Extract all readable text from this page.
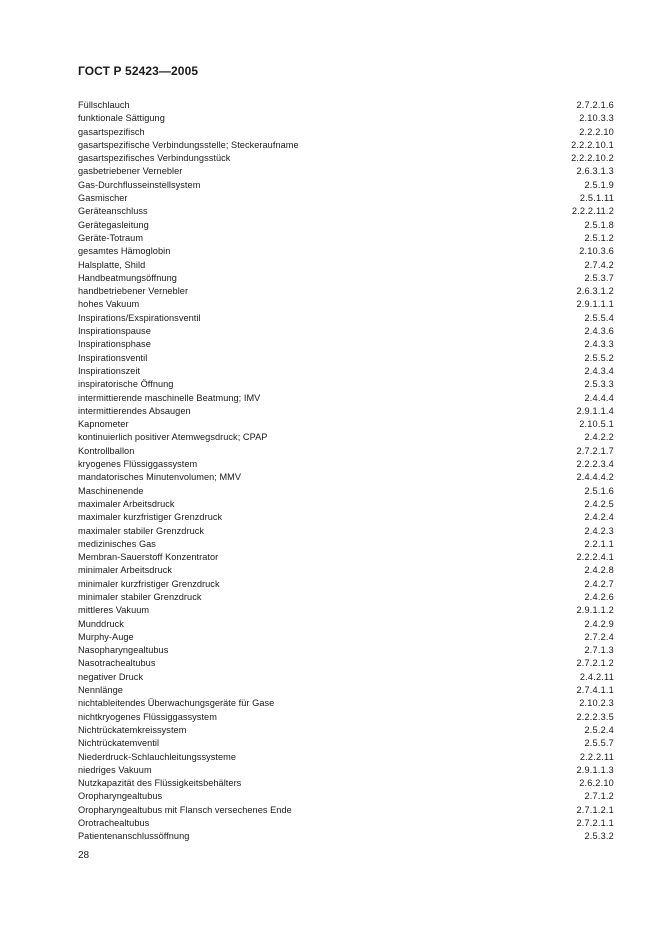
ГОСТ Р 52423—2005
Füllschlauch	2.7.2.1.6
funktionale Sättigung	2.10.3.3
gasartspezifisch	2.2.2.10
gasartspezifische Verbindungsstelle; Steckeraufname	2.2.2.10.1
gasartspezifisches Verbindungsstück	2.2.2.10.2
gasbetriebener Vernebler	2.6.3.1.3
Gas-Durchflusseinstellsystem	2.5.1.9
Gasmischer	2.5.1.11
Geräteanschluss	2.2.2.11.2
Gerätegasleitung	2.5.1.8
Geräte-Totraum	2.5.1.2
gesamtes Hämoglobin	2.10.3.6
Halsplatte, Shild	2.7.4.2
Handbeatmungsöffnung	2.5.3.7
handbetriebener Vernebler	2.6.3.1.2
hohes Vakuum	2.9.1.1.1
Inspirations/Exspirationsventil	2.5.5.4
Inspirationspause	2.4.3.6
Inspirationsphase	2.4.3.3
Inspirationsventil	2.5.5.2
Inspirationszeit	2.4.3.4
inspiratorische Öffnung	2.5.3.3
intermittierende maschinelle Beatmung; IMV	2.4.4.4
intermittierendes Absaugen	2.9.1.1.4
Kapnometer	2.10.5.1
kontinuierlich positiver Atemwegsdruck; CPAP	2.4.2.2
Kontrollballon	2.7.2.1.7
kryogenes Flüssiggassystem	2.2.2.3.4
mandatorisches Minutenvolumen; MMV	2.4.4.4.2
Maschinenende	2.5.1.6
maximaler Arbeitsdruck	2.4.2.5
maximaler kurzfristiger Grenzdruck	2.4.2.4
maximaler stabiler Grenzdruck	2.4.2.3
medizinisches Gas	2.2.1.1
Membran-Sauerstoff Konzentrator	2.2.2.4.1
minimaler Arbeitsdruck	2.4.2.8
minimaler kurzfristiger Grenzdruck	2.4.2.7
minimaler stabiler Grenzdruck	2.4.2.6
mittleres Vakuum	2.9.1.1.2
Munddruck	2.4.2.9
Murphy-Auge	2.7.2.4
Nasopharyngealtubus	2.7.1.3
Nasotrachealtubus	2.7.2.1.2
negativer Druck	2.4.2.11
Nennlänge	2.7.4.1.1
nichtableitendes Überwachungsgeräte für Gase	2.10.2.3
nichtkryogenes Flüssiggassystem	2.2.2.3.5
Nichtrückatemkreissystem	2.5.2.4
Nichtrückatemventil	2.5.5.7
Niederdruck-Schlauchleitungssysteme	2.2.2.11
niedriges Vakuum	2.9.1.1.3
Nutzkapazität des Flüssigkeitsbehälters	2.6.2.10
Oropharyngealtubus	2.7.1.2
Oropharyngealtubus mit Flansch versechenes Ende	2.7.1.2.1
Orotrachealtubus	2.7.2.1.1
Patientenanschlussöffnung	2.5.3.2
28
